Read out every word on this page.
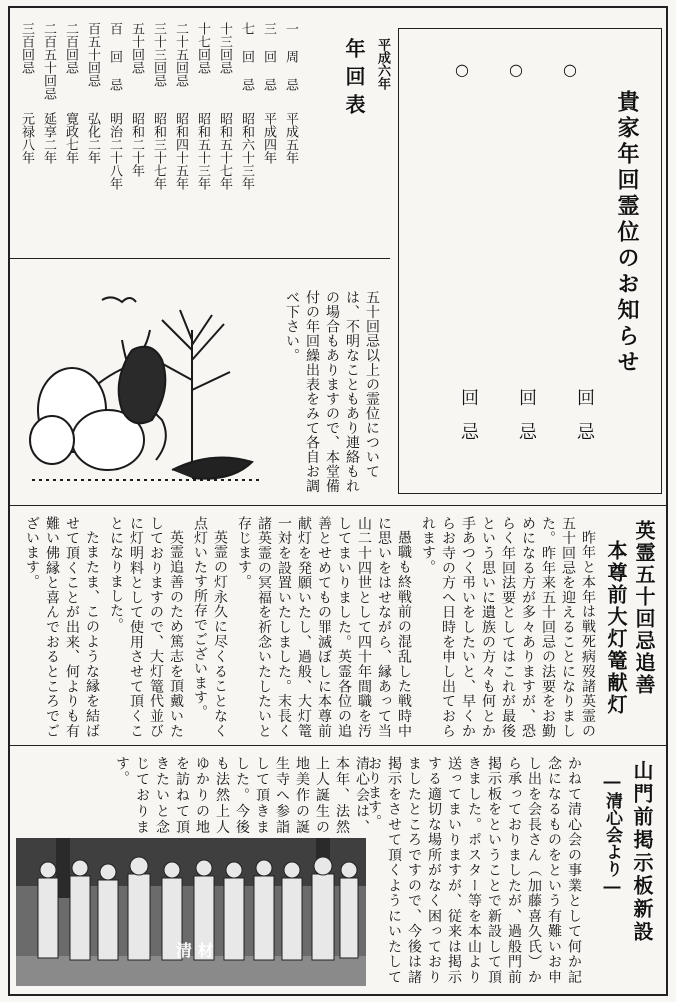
平成六年
年回表
一 周 忌
平成五年
三 回 忌
平成四年
七 回 忌
昭和六十三年
十三回忌
昭和五十七年
十七回忌
昭和五十三年
二十五回忌
昭和四十五年
三十三回忌
昭和三十七年
五十回忌
昭和二十年
百 回 忌
明治二十八年
百五十回忌
弘化二年
二百回忌
寛政七年
二百五十回忌
延享二年
三百回忌
元禄八年
五十回忌以上の霊位については、不明なこともあり連絡もれの場合もありますので、本堂備付の年回繰出表をみて各自お調べ下さい。
○	○	○
貴家年回霊位のお知らせ
回忌 回忌 回忌
英霊五十回忌追善
本尊前大灯篭献灯

昨年と本年は戦死病歿諸英霊の五十回忌を迎えることになりました。昨年来五十回忌の法要をお勤めになる方が多々ありますが、恐らく年回法要としてはこれが最後という思いに遺族の方々も何とか手あつく弔いをしたいと、早くからお寺の方へ日時を申し出ておられます。

愚職も終戦前の混乱した戦時中に思いをはせながら、縁あって当山二十四世として四十年間職を汚してまいりました。英霊各位の追善とせめてもの罪滅ぼしに本尊前献灯を発願いたし、過般、大灯篭一対を設置いたしました。末長く諸英霊の冥福を祈念いたしたいと存じます。

英霊の灯永久に尽くることなく点灯いたす所存でございます。

英霊追善のため篤志を頂戴いたしておりますので、大灯篭代並びに灯明料として使用させて頂くことになりました。

たまたま、このような縁を結ばせて頂くことが出来、何よりも有難い佛縁と喜んでおるところでございます。

山門前掲示板新設
―清心会より―
かねて清心会の事業として何か記念になるものをという有難いお申し出を会長さん（加藤喜久氏）から承っておりましたが、過般門前掲示板をということで新設して頂きました。ポスター等を本山より送ってまいりますが、従来は掲示する適切な場所がなく困っておりましたところですので、今後は諸掲示をさせて頂くようにいたしております。
清心会は、本年、法然上人誕生の地美作の誕生寺へ参詣して頂きました。今後も法然上人ゆかりの地を訪ねて頂きたいと念じております。
清 材
